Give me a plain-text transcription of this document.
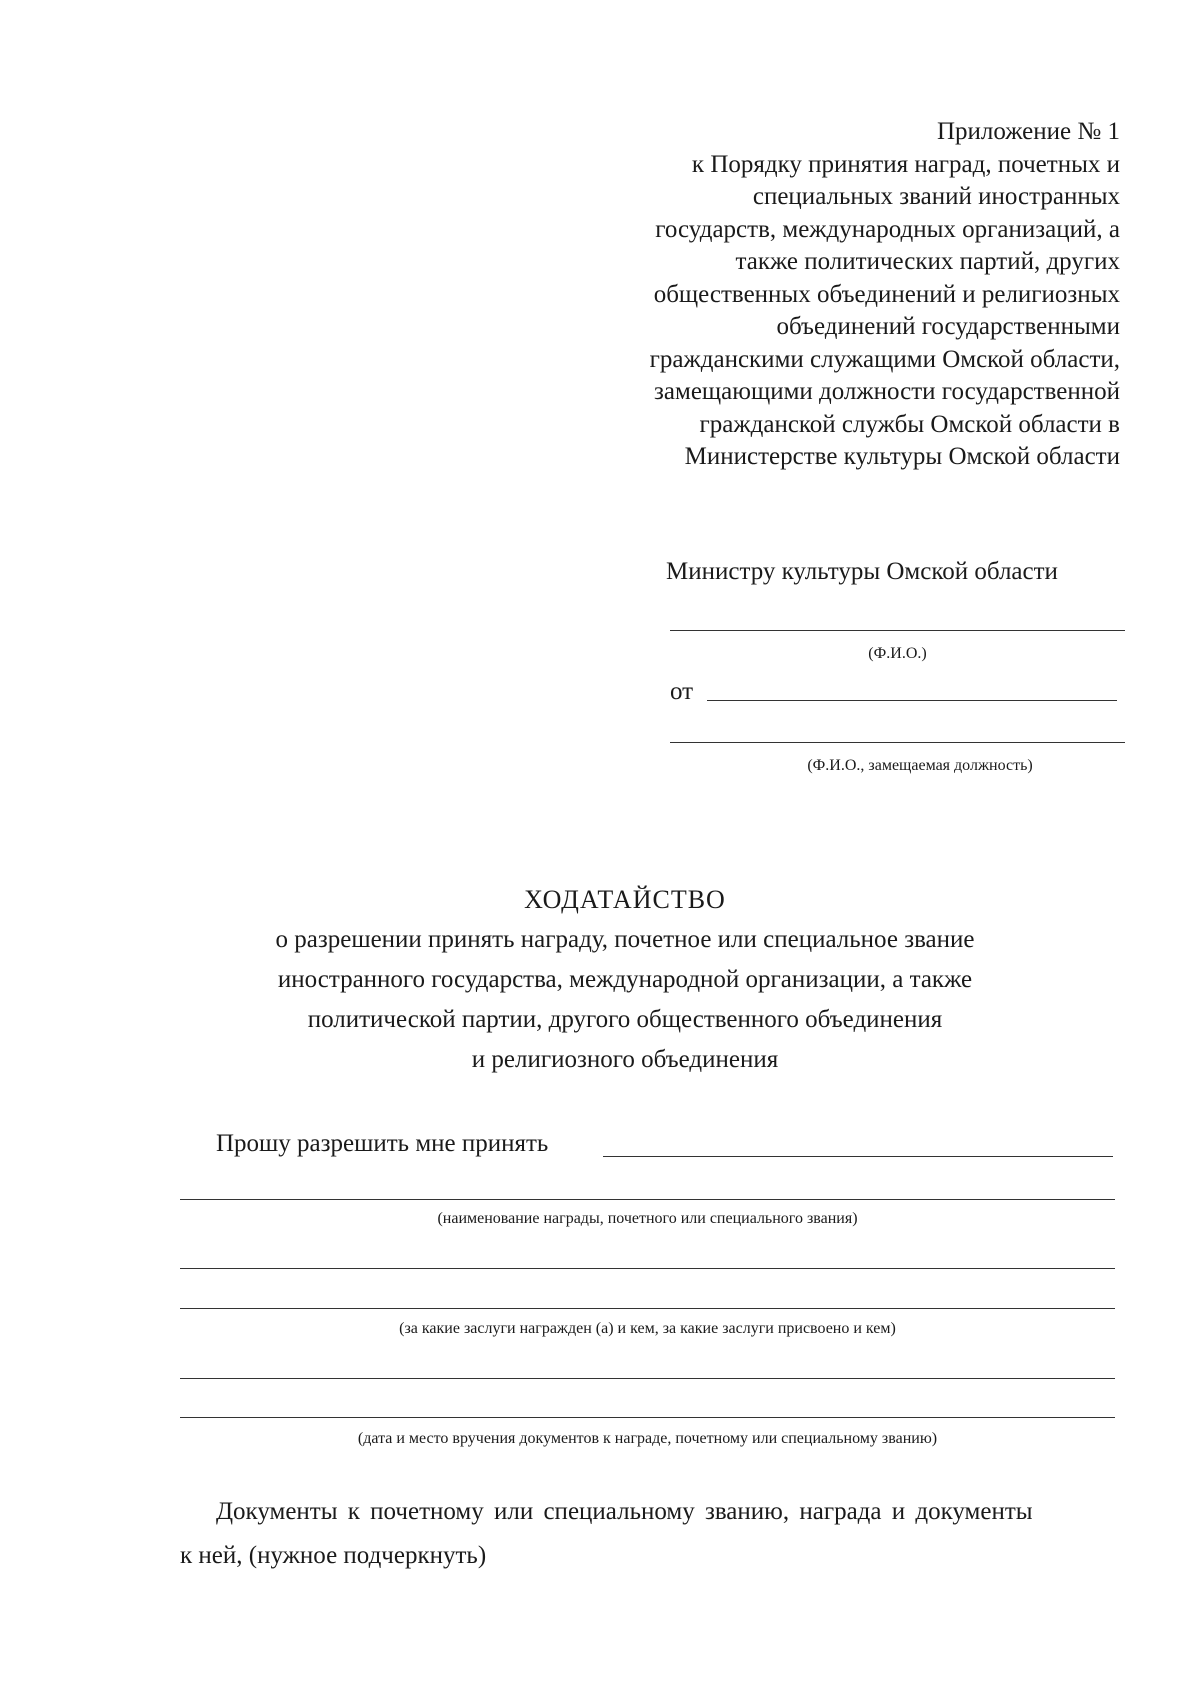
Приложение № 1
к Порядку принятия наград, почетных и
специальных званий иностранных
государств, международных организаций, а
также политических партий, других
общественных объединений и религиозных
объединений государственными
гражданскими служащими Омской области,
замещающими должности государственной
гражданской службы Омской области в
Министерстве культуры Омской области
Министру культуры Омской области
(Ф.И.О.)
от
(Ф.И.О., замещаемая должность)
ХОДАТАЙСТВО
о разрешении принять награду, почетное или специальное звание
иностранного государства, международной организации, а также
политической партии, другого общественного объединения
и религиозного объединения
Прошу разрешить мне принять
(наименование награды, почетного или специального звания)
(за какие заслуги награжден (а) и кем, за какие заслуги присвоено и кем)
(дата и место вручения документов к награде, почетному или специальному званию)
Документы к почетному или специальному званию, награда и документы
к ней, (нужное подчеркнуть)
